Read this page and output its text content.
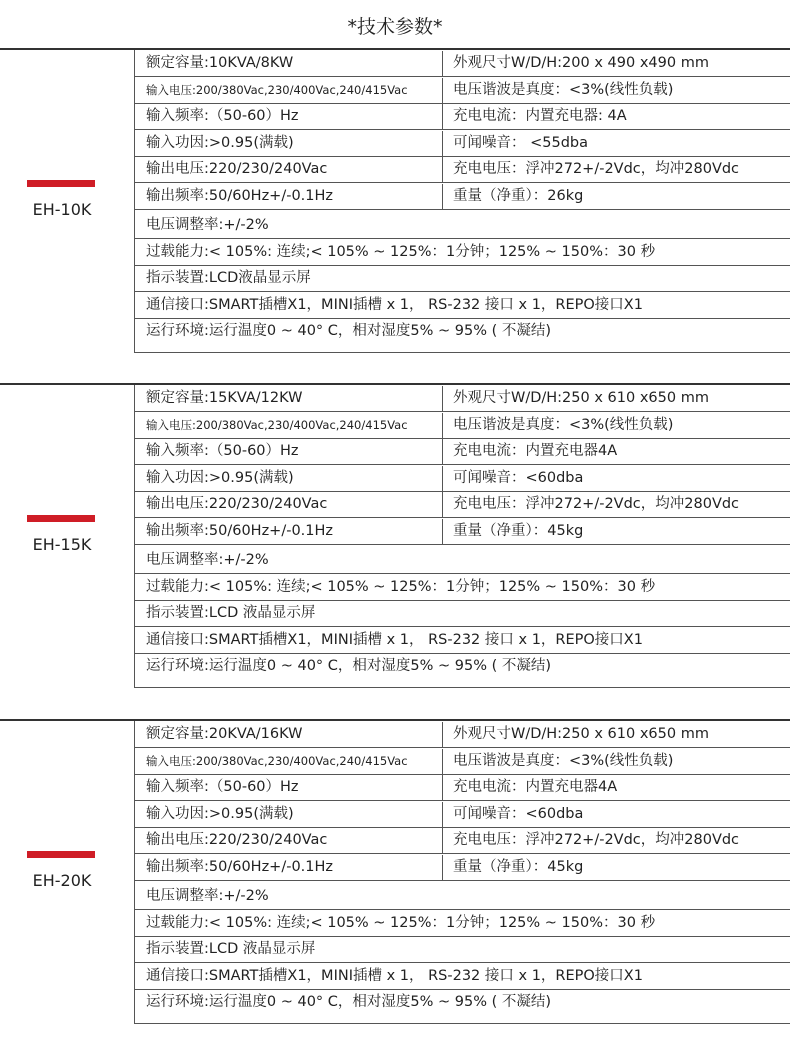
*技术参数*
EH-10K
额定容量:10KVA/8KW	外观尺寸W/D/H:200 x 490 x490 mm
输入电压:200/380Vac,230/400Vac,240/415Vac	电压谐波是真度：<3%(线性负载)
输入频率:（50-60）Hz	充电电流：内置充电器: 4A
输入功因:>0.95(满载)	可闻噪音： <55dba
输出电压:220/230/240Vac	充电电压：浮冲272+/-2Vdc，均冲280Vdc
输出频率:50/60Hz+/-0.1Hz	重量（净重）：26kg
电压调整率:+/-2%
过载能力:< 105%: 连续;< 105% ~ 125%：1分钟；125% ~ 150%：30 秒
指示装置:LCD液晶显示屏
通信接口:SMART插槽X1，MINI插槽 x 1， RS-232 接口 x 1，REPO接口X1
运行环境:运行温度0 ~ 40° C，相对湿度5% ~ 95% ( 不凝结)
EH-15K
额定容量:15KVA/12KW	外观尺寸W/D/H:250 x 610 x650 mm
输入电压:200/380Vac,230/400Vac,240/415Vac	电压谐波是真度：<3%(线性负载)
输入频率:（50-60）Hz	充电电流：内置充电器4A
输入功因:>0.95(满载)	可闻噪音：<60dba
输出电压:220/230/240Vac	充电电压：浮冲272+/-2Vdc，均冲280Vdc
输出频率:50/60Hz+/-0.1Hz	重量（净重）：45kg
电压调整率:+/-2%
过载能力:< 105%: 连续;< 105% ~ 125%：1分钟；125% ~ 150%：30 秒
指示装置:LCD 液晶显示屏
通信接口:SMART插槽X1，MINI插槽 x 1， RS-232 接口 x 1，REPO接口X1
运行环境:运行温度0 ~ 40° C，相对湿度5% ~ 95% ( 不凝结)
EH-20K
额定容量:20KVA/16KW	外观尺寸W/D/H:250 x 610 x650 mm
输入电压:200/380Vac,230/400Vac,240/415Vac	电压谐波是真度：<3%(线性负载)
输入频率:（50-60）Hz	充电电流：内置充电器4A
输入功因:>0.95(满载)	可闻噪音：<60dba
输出电压:220/230/240Vac	充电电压：浮冲272+/-2Vdc，均冲280Vdc
输出频率:50/60Hz+/-0.1Hz	重量（净重）：45kg
电压调整率:+/-2%
过载能力:< 105%: 连续;< 105% ~ 125%：1分钟；125% ~ 150%：30 秒
指示装置:LCD 液晶显示屏
通信接口:SMART插槽X1，MINI插槽 x 1， RS-232 接口 x 1，REPO接口X1
运行环境:运行温度0 ~ 40° C，相对湿度5% ~ 95% ( 不凝结)
